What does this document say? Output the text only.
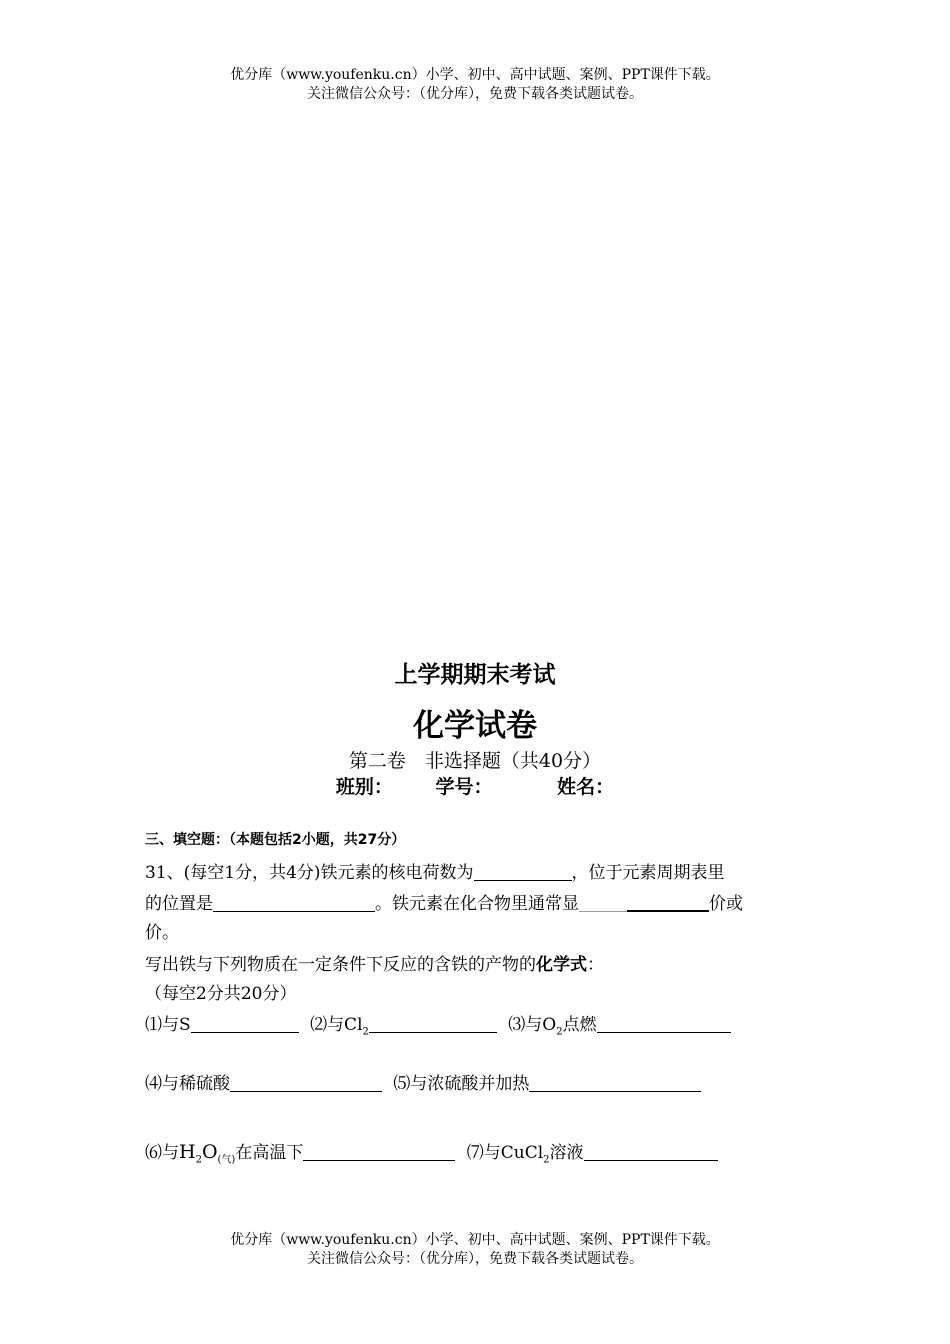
优分库（www.youfenku.cn）小学、初中、高中试题、案例、PPT课件下载。
关注微信公众号：（优分库），免费下载各类试题试卷。
上学期期末考试
化学试卷
第二卷　非选择题（共40分）
班别： 学号：	姓名：
三、填空题：（本题包括2小题，共27分）
31、(每空1分，共4分)铁元素的核电荷数为	，位于元素周期表里
的位置是	。铁元素在化合物里通常显	价或
价。
写出铁与下列物质在一定条件下反应的含铁的产物的化学式：
（每空2分共20分）
⑴与S	⑵与$Cl_2$	⑶与$O_2$点燃
⑷与稀硫酸	⑸与浓硫酸并加热
⑹与$H_2O_{(气)}$在高温下	⑺与CuCl$_2$溶液
优分库（www.youfenku.cn）小学、初中、高中试题、案例、PPT课件下载。
关注微信公众号：（优分库），免费下载各类试题试卷。
